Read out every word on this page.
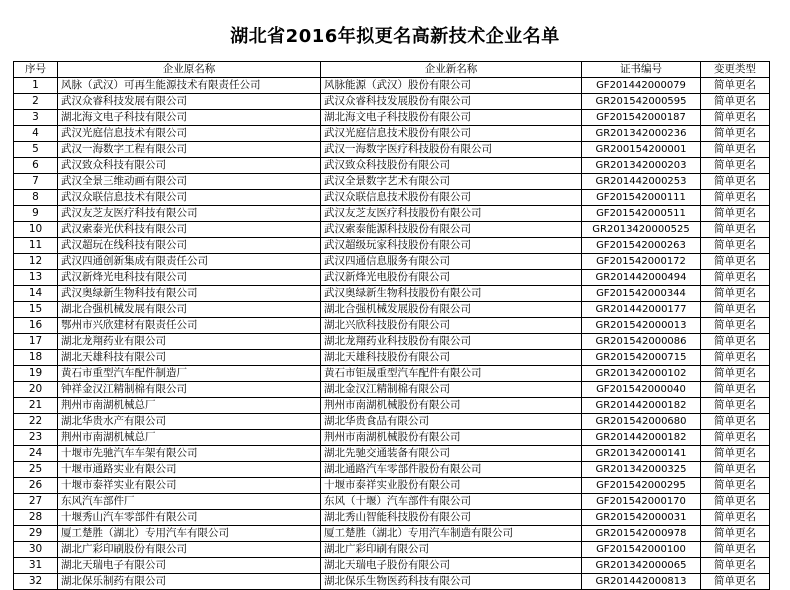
湖北省2016年拟更名高新技术企业名单
序号	企业原名称	企业新名称	证书编号	变更类型
1	风脉（武汉）可再生能源技术有限责任公司	风脉能源（武汉）股份有限公司	GF201442000079	简单更名
2	武汉众睿科技发展有限公司	武汉众睿科技发展股份有限公司	GR201542000595	简单更名
3	湖北海文电子科技有限公司	湖北海文电子科技股份有限公司	GF201542000187	简单更名
4	武汉光庭信息技术有限公司	武汉光庭信息技术股份有限公司	GR201342000236	简单更名
5	武汉一海数字工程有限公司	武汉一海数字医疗科技股份有限公司	GR200154200001	简单更名
6	武汉致众科技有限公司	武汉致众科技股份有限公司	GR201342000203	简单更名
7	武汉全景三维动画有限公司	武汉全景数字艺术有限公司	GR201442000253	简单更名
8	武汉众联信息技术有限公司	武汉众联信息技术股份有限公司	GF201542000111	简单更名
9	武汉友芝友医疗科技有限公司	武汉友芝友医疗科技股份有限公司	GF201542000511	简单更名
10	武汉索泰光伏科技有限公司	武汉索泰能源科技股份有限公司	GR2013420000525	简单更名
11	武汉超玩在线科技有限公司	武汉超级玩家科技股份有限公司	GF201542000263	简单更名
12	武汉四通创新集成有限责任公司	武汉四通信息服务有限公司	GF201542000172	简单更名
13	武汉新烽光电科技有限公司	武汉新烽光电股份有限公司	GR201442000494	简单更名
14	武汉奥绿新生物科技有限公司	武汉奥绿新生物科技股份有限公司	GF201542000344	简单更名
15	湖北合强机械发展有限公司	湖北合强机械发展股份有限公司	GR201442000177	简单更名
16	鄂州市兴欣建材有限责任公司	湖北兴欣科技股份有限公司	GR201542000013	简单更名
17	湖北龙翔药业有限公司	湖北龙翔药业科技股份有限公司	GR201542000086	简单更名
18	湖北天雄科技有限公司	湖北天雄科技股份有限公司	GR201542000715	简单更名
19	黄石市重型汽车配件制造厂	黄石市钜晟重型汽车配件有限公司	GR201342000102	简单更名
20	钟祥金汉江精制棉有限公司	湖北金汉江精制棉有限公司	GF201542000040	简单更名
21	荆州市南湖机械总厂	荆州市南湖机械股份有限公司	GR201442000182	简单更名
22	湖北华贵水产有限公司	湖北华贵食品有限公司	GR201542000680	简单更名
23	荆州市南湖机械总厂	荆州市南湖机械股份有限公司	GR201442000182	简单更名
24	十堰市先驰汽车车架有限公司	湖北先驰交通装备有限公司	GR201342000141	简单更名
25	十堰市通路实业有限公司	湖北通路汽车零部件股份有限公司	GR201342000325	简单更名
26	十堰市泰祥实业有限公司	十堰市泰祥实业股份有限公司	GF201542000295	简单更名
27	东风汽车部件厂	东风（十堰）汽车部件有限公司	GF201542000170	简单更名
28	十堰秀山汽车零部件有限公司	湖北秀山智能科技股份有限公司	GR201542000031	简单更名
29	厦工楚胜（湖北）专用汽车有限公司	厦工楚胜（湖北）专用汽车制造有限公司	GR201542000978	简单更名
30	湖北广彩印刷股份有限公司	湖北广彩印刷有限公司	GF201542000100	简单更名
31	湖北天瑞电子有限公司	湖北天瑞电子股份有限公司	GR201342000065	简单更名
32	湖北保乐制药有限公司	湖北保乐生物医药科技有限公司	GR201442000813	简单更名
